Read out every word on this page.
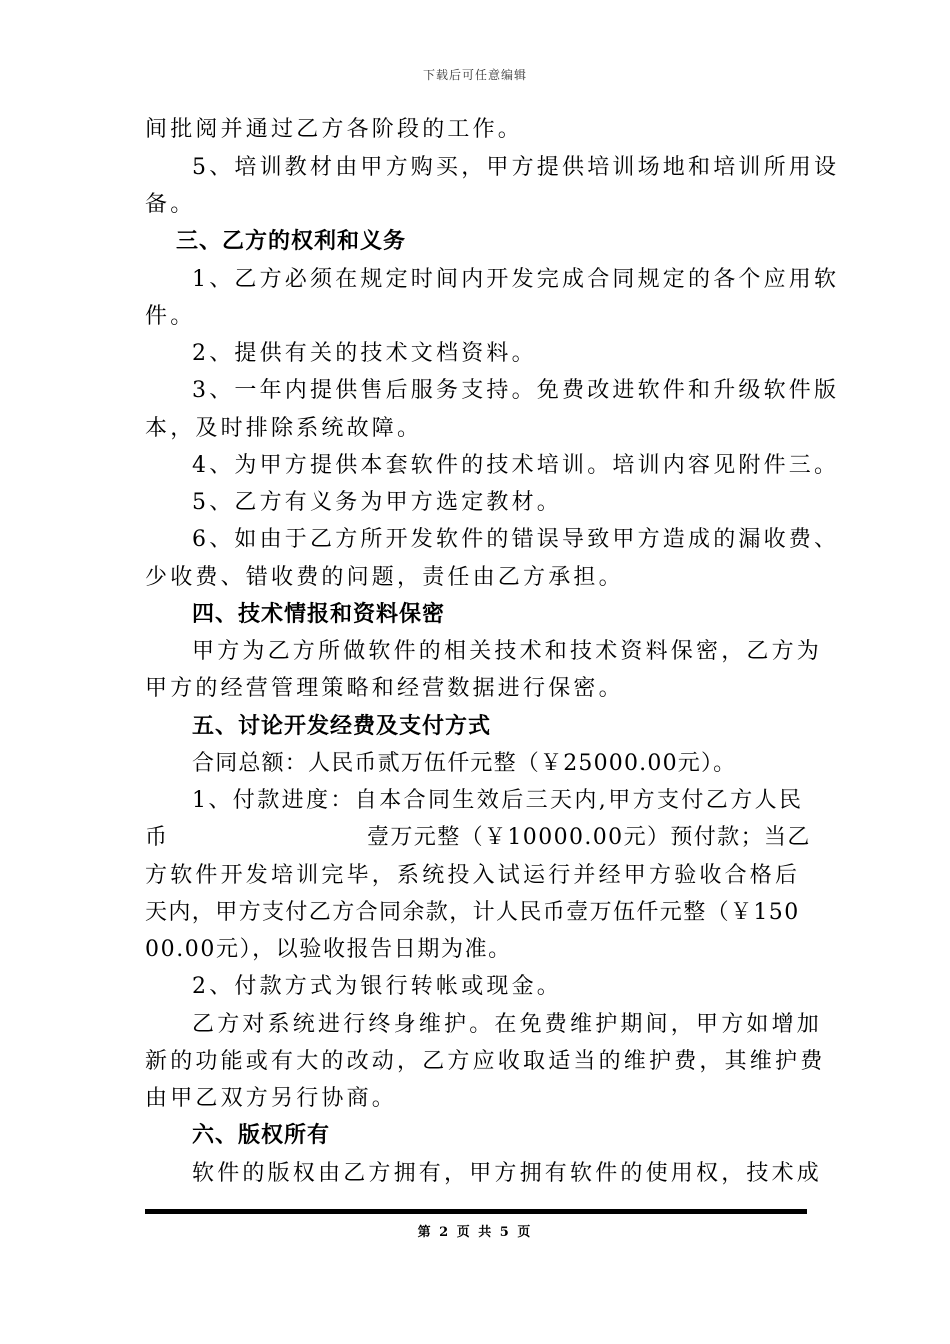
下载后可任意编辑
间批阅并通过乙方各阶段的工作。
5、培训教材由甲方购买，甲方提供培训场地和培训所用设
备。
三、乙方的权利和义务
1、乙方必须在规定时间内开发完成合同规定的各个应用软
件。
2、提供有关的技术文档资料。
3、一年内提供售后服务支持。免费改进软件和升级软件版
本，及时排除系统故障。
4、为甲方提供本套软件的技术培训。培训内容见附件三。
5、乙方有义务为甲方选定教材。
6、如由于乙方所开发软件的错误导致甲方造成的漏收费、
少收费、错收费的问题，责任由乙方承担。
四、技术情报和资料保密
甲方为乙方所做软件的相关技术和技术资料保密，乙方为
甲方的经营管理策略和经营数据进行保密。
五、讨论开发经费及支付方式
合同总额：人民币贰万伍仟元整（￥25000.00元）。
1、付款进度：自本合同生效后三天内,甲方支付乙方人民
币	壹万元整（￥10000.00元）预付款；当乙
方软件开发培训完毕，系统投入试运行并经甲方验收合格后
天内，甲方支付乙方合同余款，计人民币壹万伍仟元整（￥150
00.00元），以验收报告日期为准。
2、付款方式为银行转帐或现金。
乙方对系统进行终身维护。在免费维护期间，甲方如增加
新的功能或有大的改动，乙方应收取适当的维护费，其维护费
由甲乙双方另行协商。
六、版权所有
软件的版权由乙方拥有，甲方拥有软件的使用权，技术成
第 2 页 共 5 页
